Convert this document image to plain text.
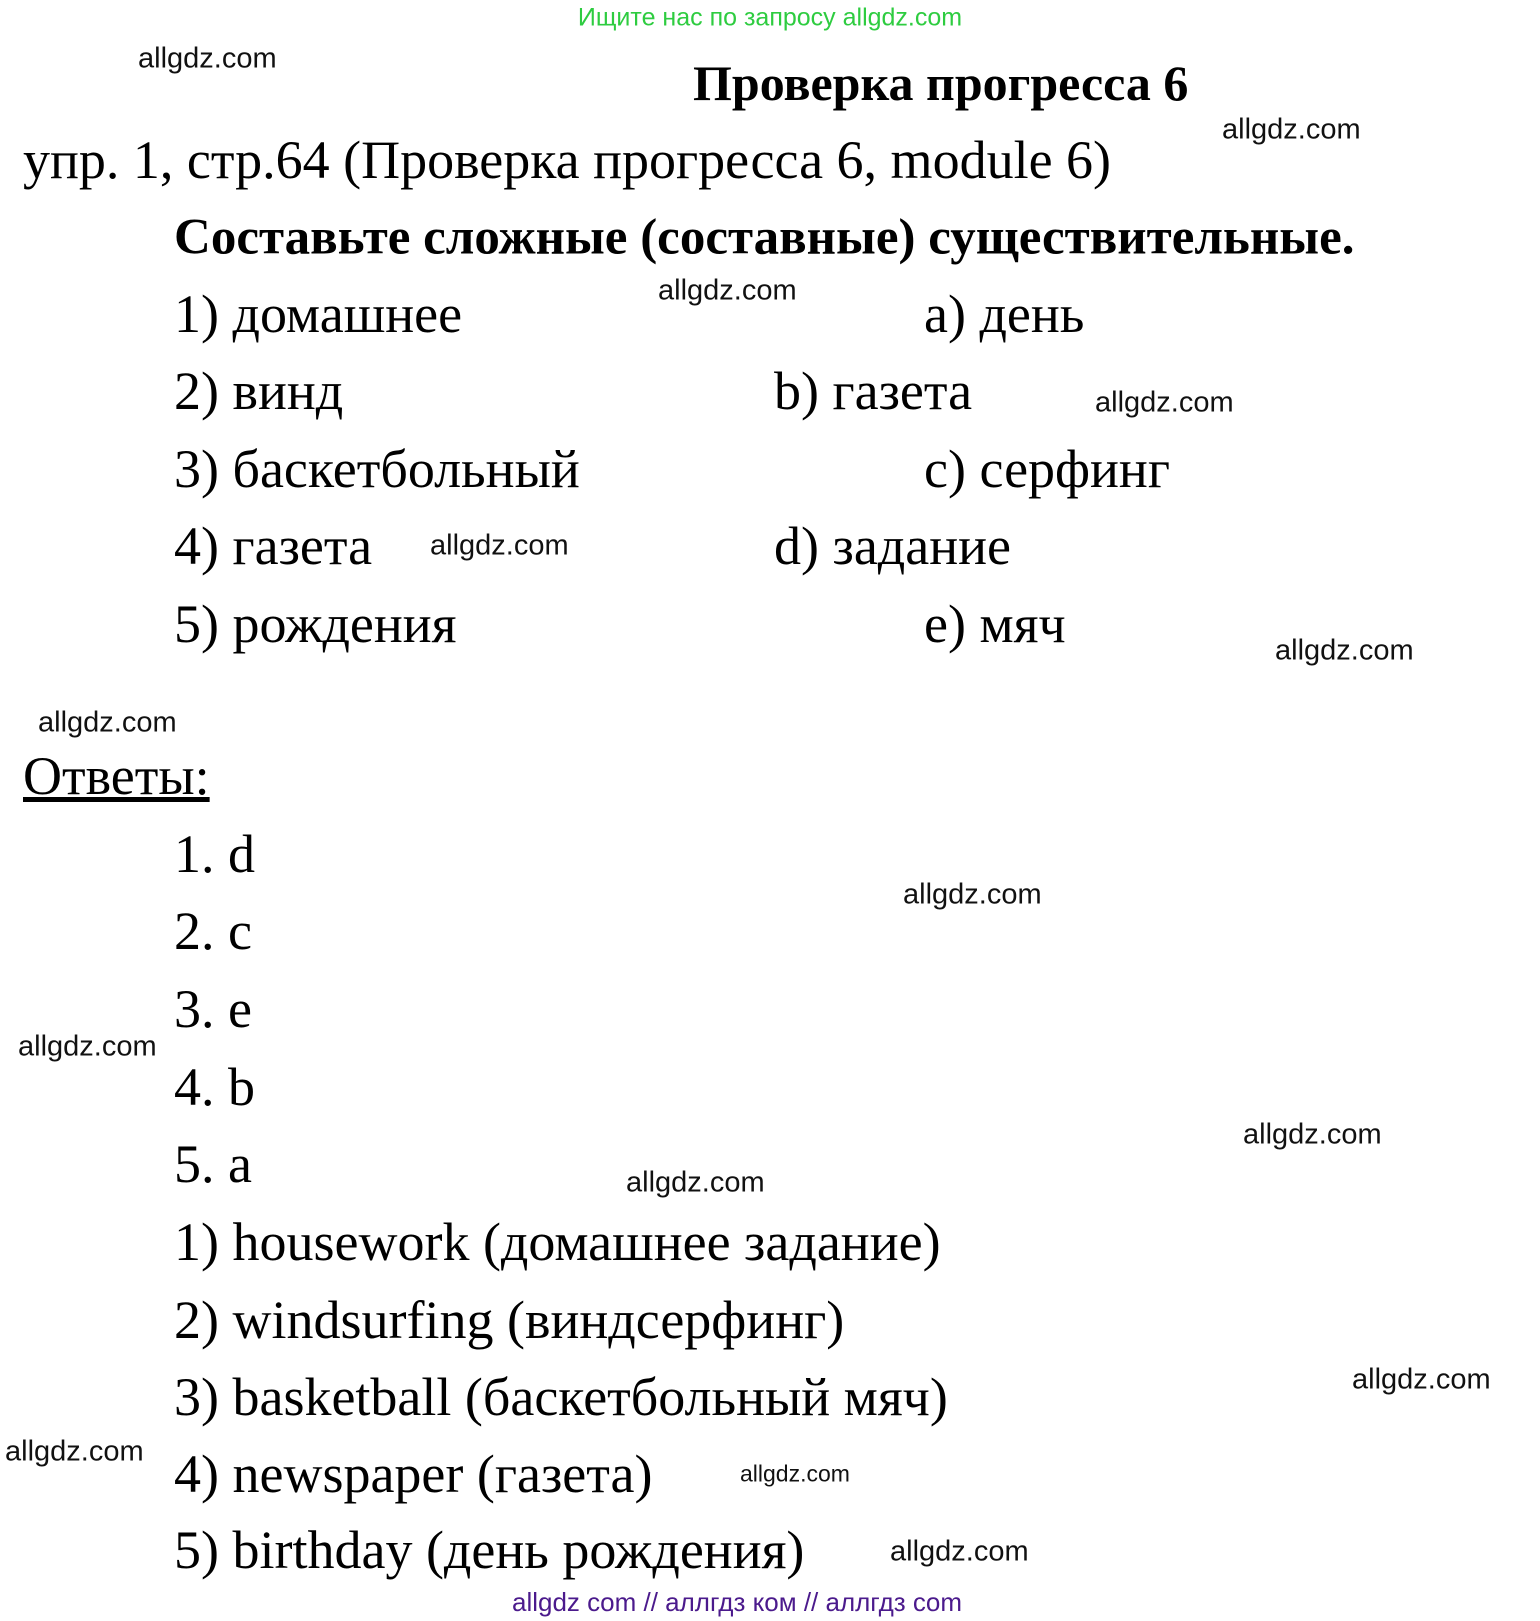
Ищите нас по запросу allgdz.com
Проверка прогресса 6
упр. 1, стр.64 (Проверка прогресса 6, module 6)
Составьте сложные (составные) существительные.
1) домашнее
2) винд
3) баскетбольный
4) газета
5) рождения
a) день
b) газета
c) серфинг
d) задание
e) мяч
Ответы:
1. d
2. c
3. e
4. b
5. a
1) housework (домашнее задание)
2) windsurfing (виндсерфинг)
3) basketball (баскетбольный мяч)
4) newspaper (газета)
5) birthday (день рождения)
allgdz.com
allgdz.com
allgdz.com
allgdz.com
allgdz.com
allgdz.com
allgdz.com
allgdz.com
allgdz.com
allgdz.com
allgdz.com
allgdz.com
allgdz.com
allgdz.com
allgdz.com
allgdz com // аллгдз ком // аллгдз com
